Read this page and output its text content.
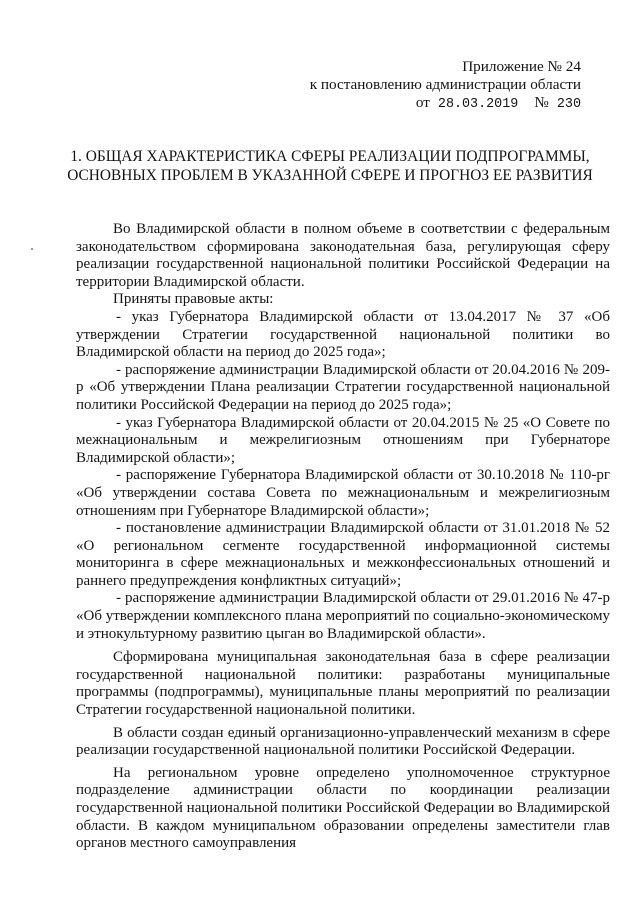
Приложение № 24
к постановлению администрации области
от 28.03.2019 № 230
1. ОБЩАЯ ХАРАКТЕРИСТИКА СФЕРЫ РЕАЛИЗАЦИИ ПОДПРОГРАММЫ,
ОСНОВНЫХ ПРОБЛЕМ В УКАЗАННОЙ СФЕРЕ И ПРОГНОЗ ЕЕ РАЗВИТИЯ

Во Владимирской области в полном объеме в соответствии с федеральным законодательством сформирована законодательная база, регулирующая сферу реализации государственной национальной политики Российской Федерации на территории Владимирской области.

Приняты правовые акты:

- указ Губернатора Владимирской области от 13.04.2017 № 37 «Об утверждении Стратегии государственной национальной политики во Владимирской области на период до 2025 года»;

- распоряжение администрации Владимирской области от 20.04.2016 № 209-р «Об утверждении Плана реализации Стратегии государственной национальной политики Российской Федерации на период до 2025 года»;

- указ Губернатора Владимирской области от 20.04.2015 № 25 «О Совете по межнациональным и межрелигиозным отношениям при Губернаторе Владимирской области»;

- распоряжение Губернатора Владимирской области от 30.10.2018 № 110-рг «Об утверждении состава Совета по межнациональным и межрелигиозным отношениям при Губернаторе Владимирской области»;

- постановление администрации Владимирской области от 31.01.2018 № 52 «О региональном сегменте государственной информационной системы мониторинга в сфере межнациональных и межконфессиональных отношений и раннего предупреждения конфликтных ситуаций»;

- распоряжение администрации Владимирской области от 29.01.2016 № 47-р «Об утверждении комплексного плана мероприятий по социально-экономическому и этнокультурному развитию цыган во Владимирской области».

Сформирована муниципальная законодательная база в сфере реализации государственной национальной политики: разработаны муниципальные программы (подпрограммы), муниципальные планы мероприятий по реализации Стратегии государственной национальной политики.

В области создан единый организационно-управленческий механизм в сфере реализации государственной национальной политики Российской Федерации.

На региональном уровне определено уполномоченное структурное подразделение администрации области по координации реализации государственной национальной политики Российской Федерации во Владимирской области. В каждом муниципальном образовании определены заместители глав органов местного самоуправления
